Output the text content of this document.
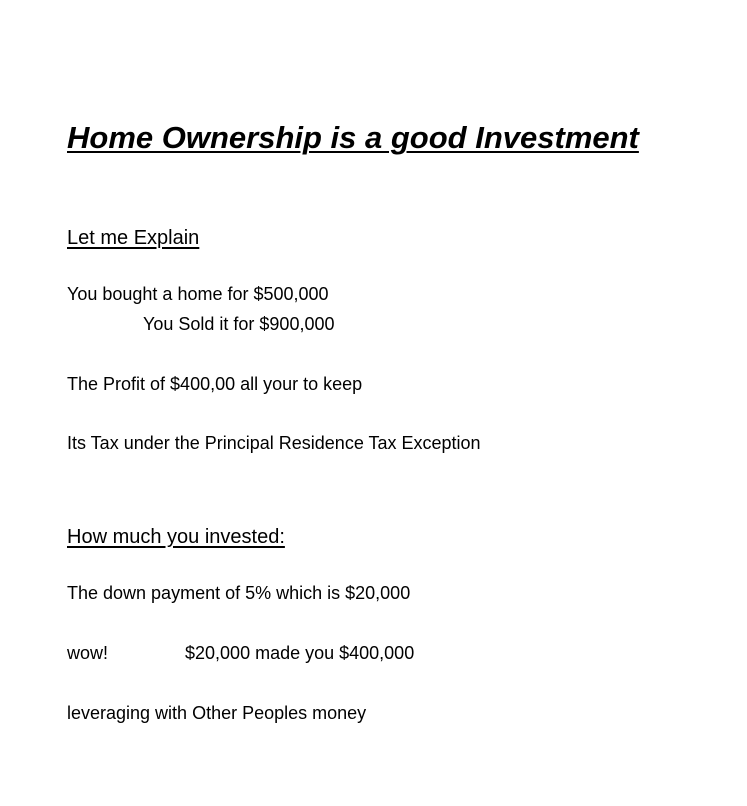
Home Ownership is a good Investment
Let me Explain
You bought a home for $500,000
You Sold it for $900,000
The Profit of $400,00 all your to keep
Its Tax under the Principal Residence Tax Exception
How much you invested:
The down payment of 5% which is $20,000
wow!	$20,000 made you $400,000
leveraging with Other Peoples money
